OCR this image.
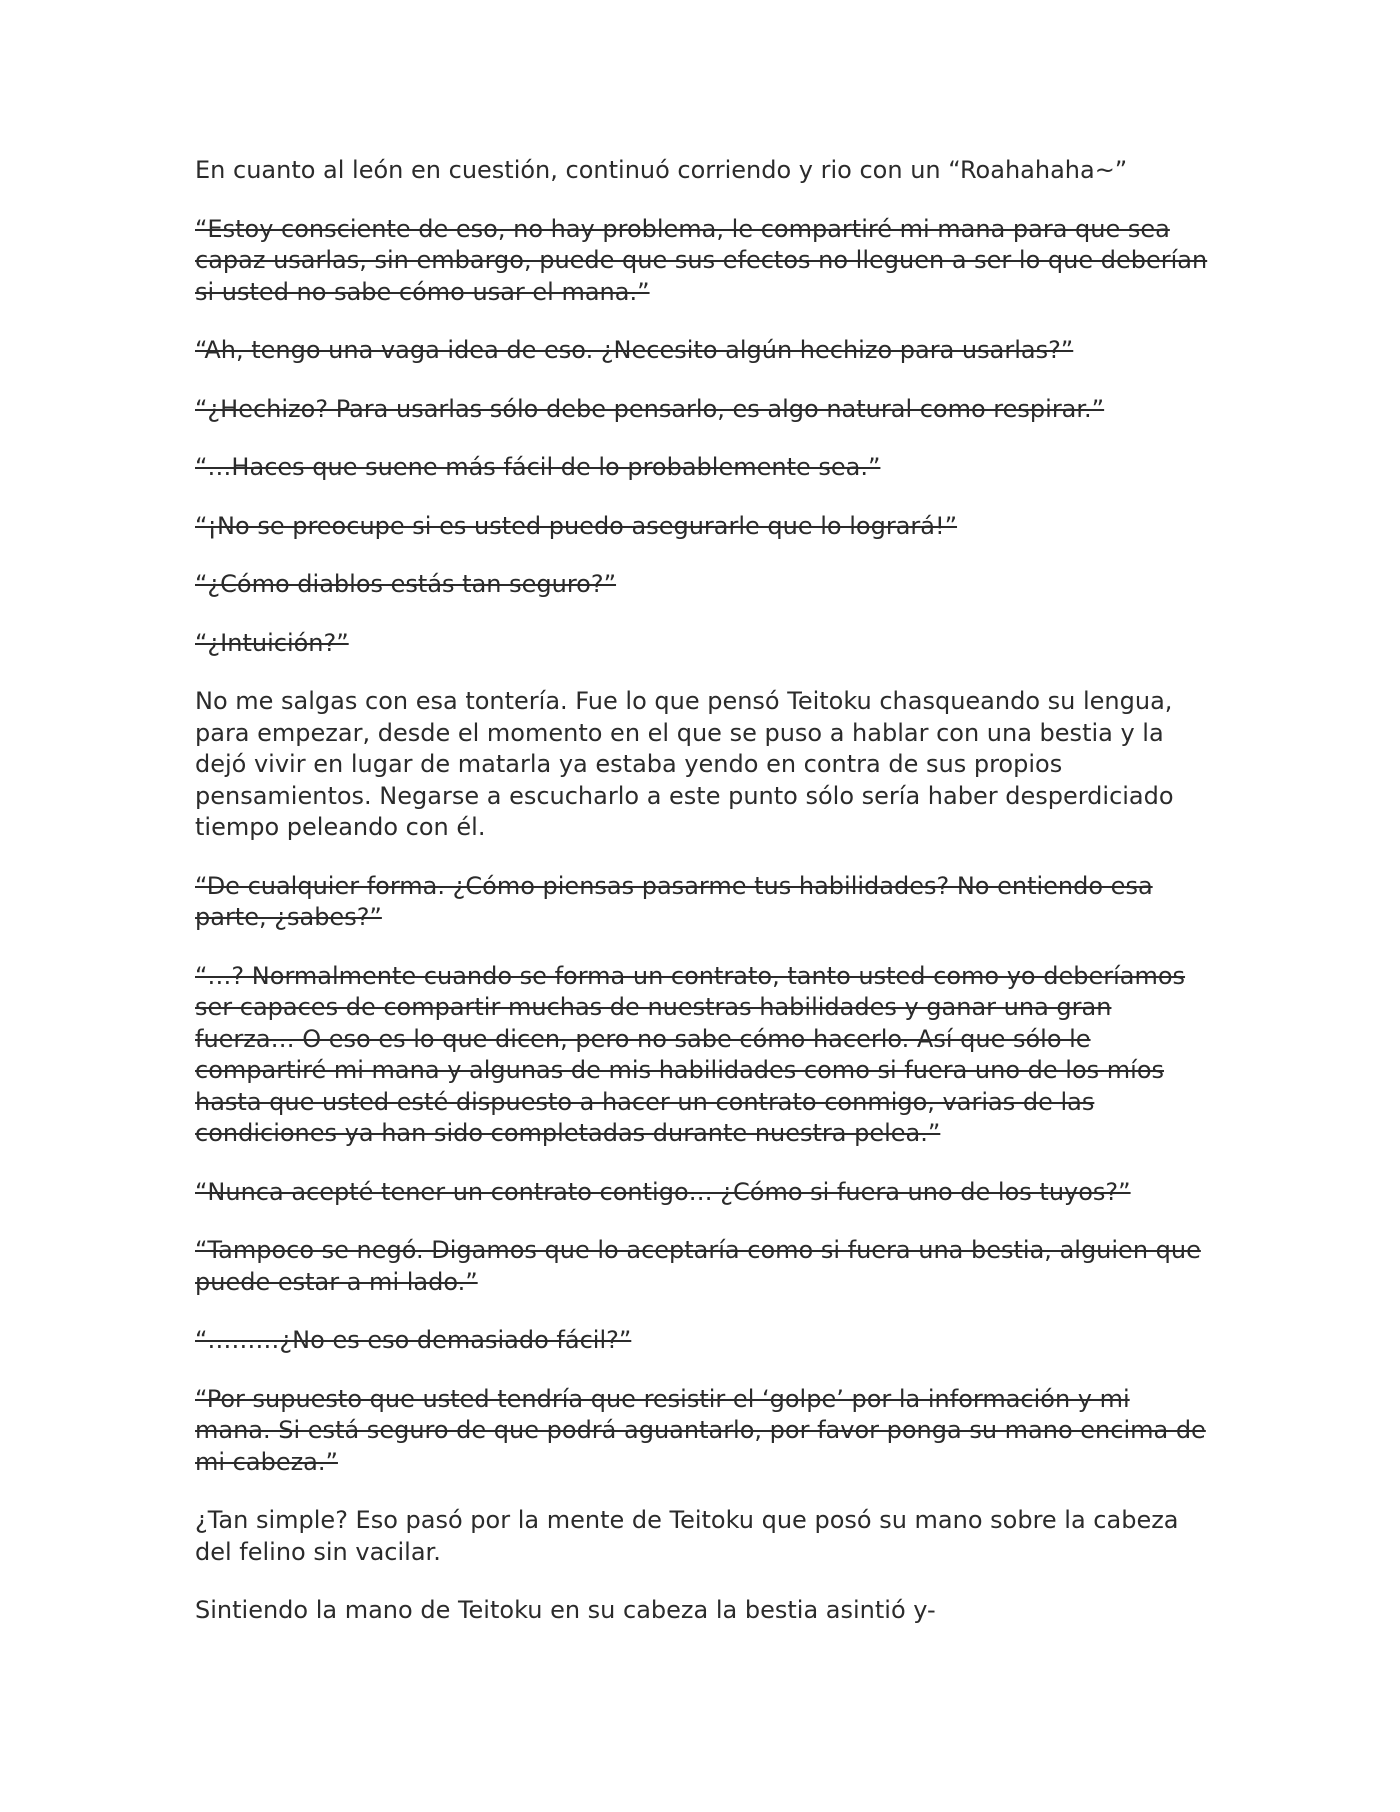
En cuanto al león en cuestión, continuó corriendo y rio con un “Roahahaha~”

“Estoy consciente de eso, no hay problema, le compartiré mi mana para que sea capaz usarlas, sin embargo, puede que sus efectos no lleguen a ser lo que deberían si usted no sabe cómo usar el mana.”

“Ah, tengo una vaga idea de eso. ¿Necesito algún hechizo para usarlas?”

“¿Hechizo? Para usarlas sólo debe pensarlo, es algo natural como respirar.”

“…Haces que suene más fácil de lo probablemente sea.”

“¡No se preocupe si es usted puedo asegurarle que lo logrará!”

“¿Cómo diablos estás tan seguro?”

“¿Intuición?”

No me salgas con esa tontería. Fue lo que pensó Teitoku chasqueando su lengua, para empezar, desde el momento en el que se puso a hablar con una bestia y la dejó vivir en lugar de matarla ya estaba yendo en contra de sus propios pensamientos. Negarse a escucharlo a este punto sólo sería haber desperdiciado tiempo peleando con él.

“De cualquier forma. ¿Cómo piensas pasarme tus habilidades? No entiendo esa parte, ¿sabes?”

“…? Normalmente cuando se forma un contrato, tanto usted como yo deberíamos ser capaces de compartir muchas de nuestras habilidades y ganar una gran fuerza… O eso es lo que dicen, pero no sabe cómo hacerlo. Así que sólo le compartiré mi mana y algunas de mis habilidades como si fuera uno de los míos hasta que usted esté dispuesto a hacer un contrato conmigo, varias de las condiciones ya han sido completadas durante nuestra pelea.”

“Nunca acepté tener un contrato contigo… ¿Cómo si fuera uno de los tuyos?”

“Tampoco se negó. Digamos que lo aceptaría como si fuera una bestia, alguien que puede estar a mi lado.”

“………¿No es eso demasiado fácil?”

“Por supuesto que usted tendría que resistir el ‘golpe’ por la información y mi mana. Si está seguro de que podrá aguantarlo, por favor ponga su mano encima de mi cabeza.”

¿Tan simple? Eso pasó por la mente de Teitoku que posó su mano sobre la cabeza del felino sin vacilar.

Sintiendo la mano de Teitoku en su cabeza la bestia asintió y-
